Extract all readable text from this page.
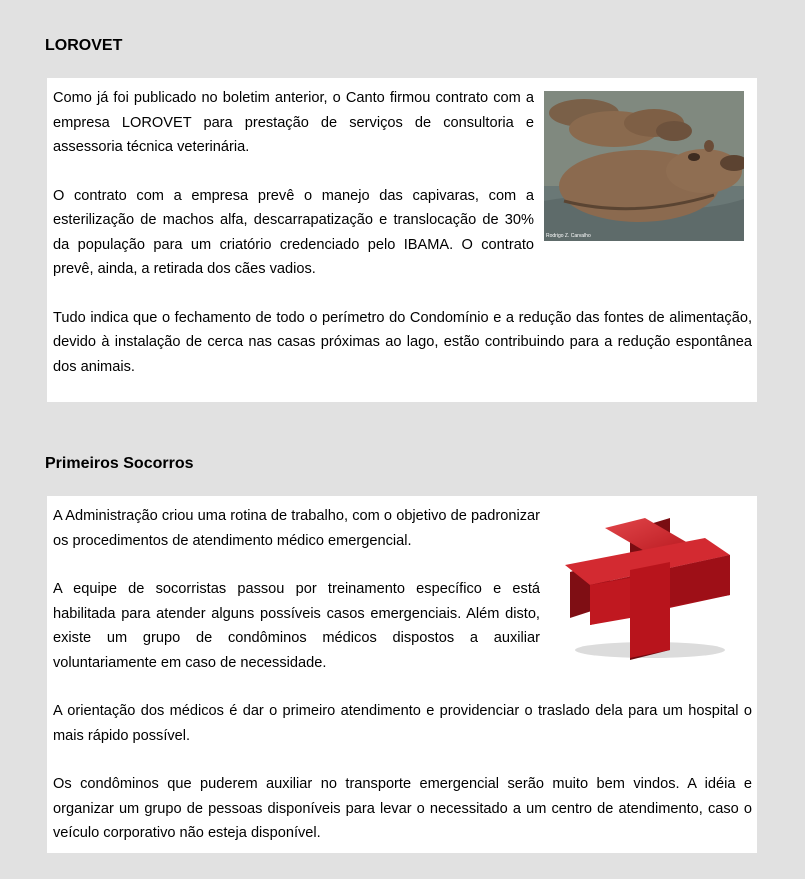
LOROVET
Rodrigo Z. Carvalho

Como já foi publicado no boletim anterior, o Canto firmou contrato com a empresa LOROVET para prestação de serviços de consultoria e assessoria técnica veterinária.

O contrato com a empresa prevê o manejo das capivaras, com a esterilização de machos alfa, descarrapatização e translocação de 30% da população para um criatório credenciado pelo IBAMA. O contrato prevê, ainda, a retirada dos cães vadios.

Tudo indica que o fechamento de todo o perímetro do Condomínio e a redução das fontes de alimentação, devido à instalação de cerca nas casas próximas ao lago, estão contribuindo para a redução espontânea dos animais.

Primeiros Socorros

A Administração criou uma rotina de trabalho, com o objetivo de padronizar os procedimentos de atendimento médico emergencial.

A equipe de socorristas passou por treinamento específico e está habilitada para atender alguns possíveis casos emergenciais. Além disto, existe um grupo de condôminos médicos dispostos a auxiliar voluntariamente em caso de necessidade.

A orientação dos médicos é dar o primeiro atendimento e providenciar o traslado dela para um hospital o mais rápido possível.

Os condôminos que puderem auxiliar no transporte emergencial serão muito bem vindos. A idéia e organizar um grupo de pessoas disponíveis para levar o necessitado a um centro de atendimento, caso o veículo corporativo não esteja disponível.
